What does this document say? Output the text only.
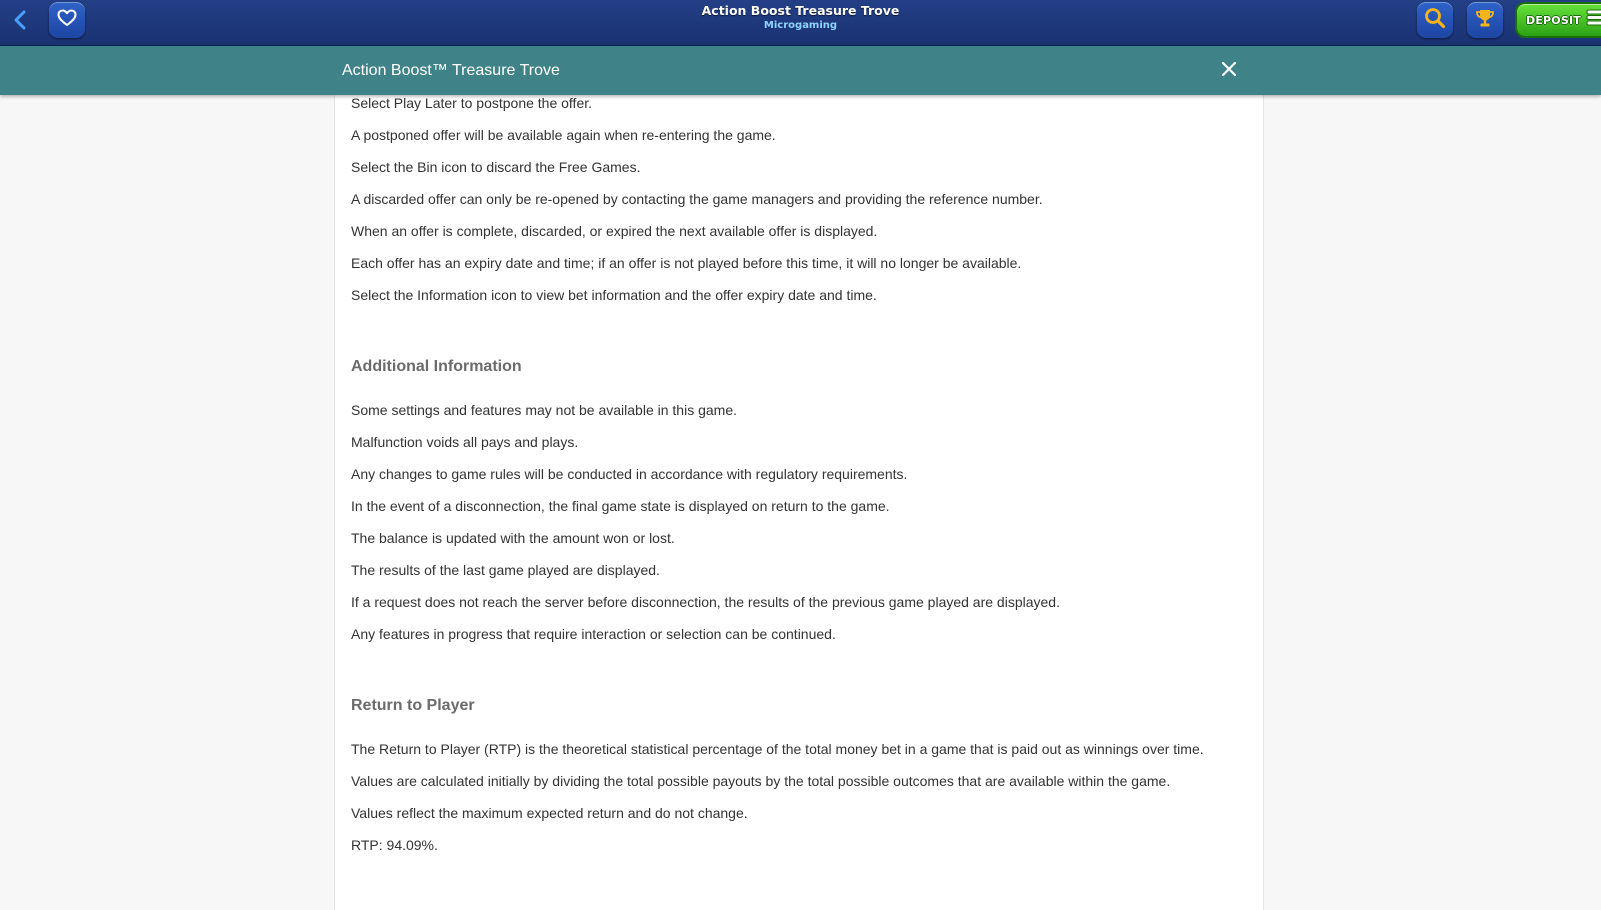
Action Boost Treasure Trove
Microgaming	DEPOSIT
Action Boost™ Treasure Trove

Select Play Later to postpone the offer.

A postponed offer will be available again when re-entering the game.

Select the Bin icon to discard the Free Games.

A discarded offer can only be re-opened by contacting the game managers and providing the reference number.

When an offer is complete, discarded, or expired the next available offer is displayed.

Each offer has an expiry date and time; if an offer is not played before this time, it will no longer be available.

Select the Information icon to view bet information and the offer expiry date and time.

Additional Information

Some settings and features may not be available in this game.

Malfunction voids all pays and plays.

Any changes to game rules will be conducted in accordance with regulatory requirements.

In the event of a disconnection, the final game state is displayed on return to the game.

The balance is updated with the amount won or lost.

The results of the last game played are displayed.

If a request does not reach the server before disconnection, the results of the previous game played are displayed.

Any features in progress that require interaction or selection can be continued.

Return to Player

The Return to Player (RTP) is the theoretical statistical percentage of the total money bet in a game that is paid out as winnings over time.

Values are calculated initially by dividing the total possible payouts by the total possible outcomes that are available within the game.

Values reflect the maximum expected return and do not change.

RTP: 94.09%.
